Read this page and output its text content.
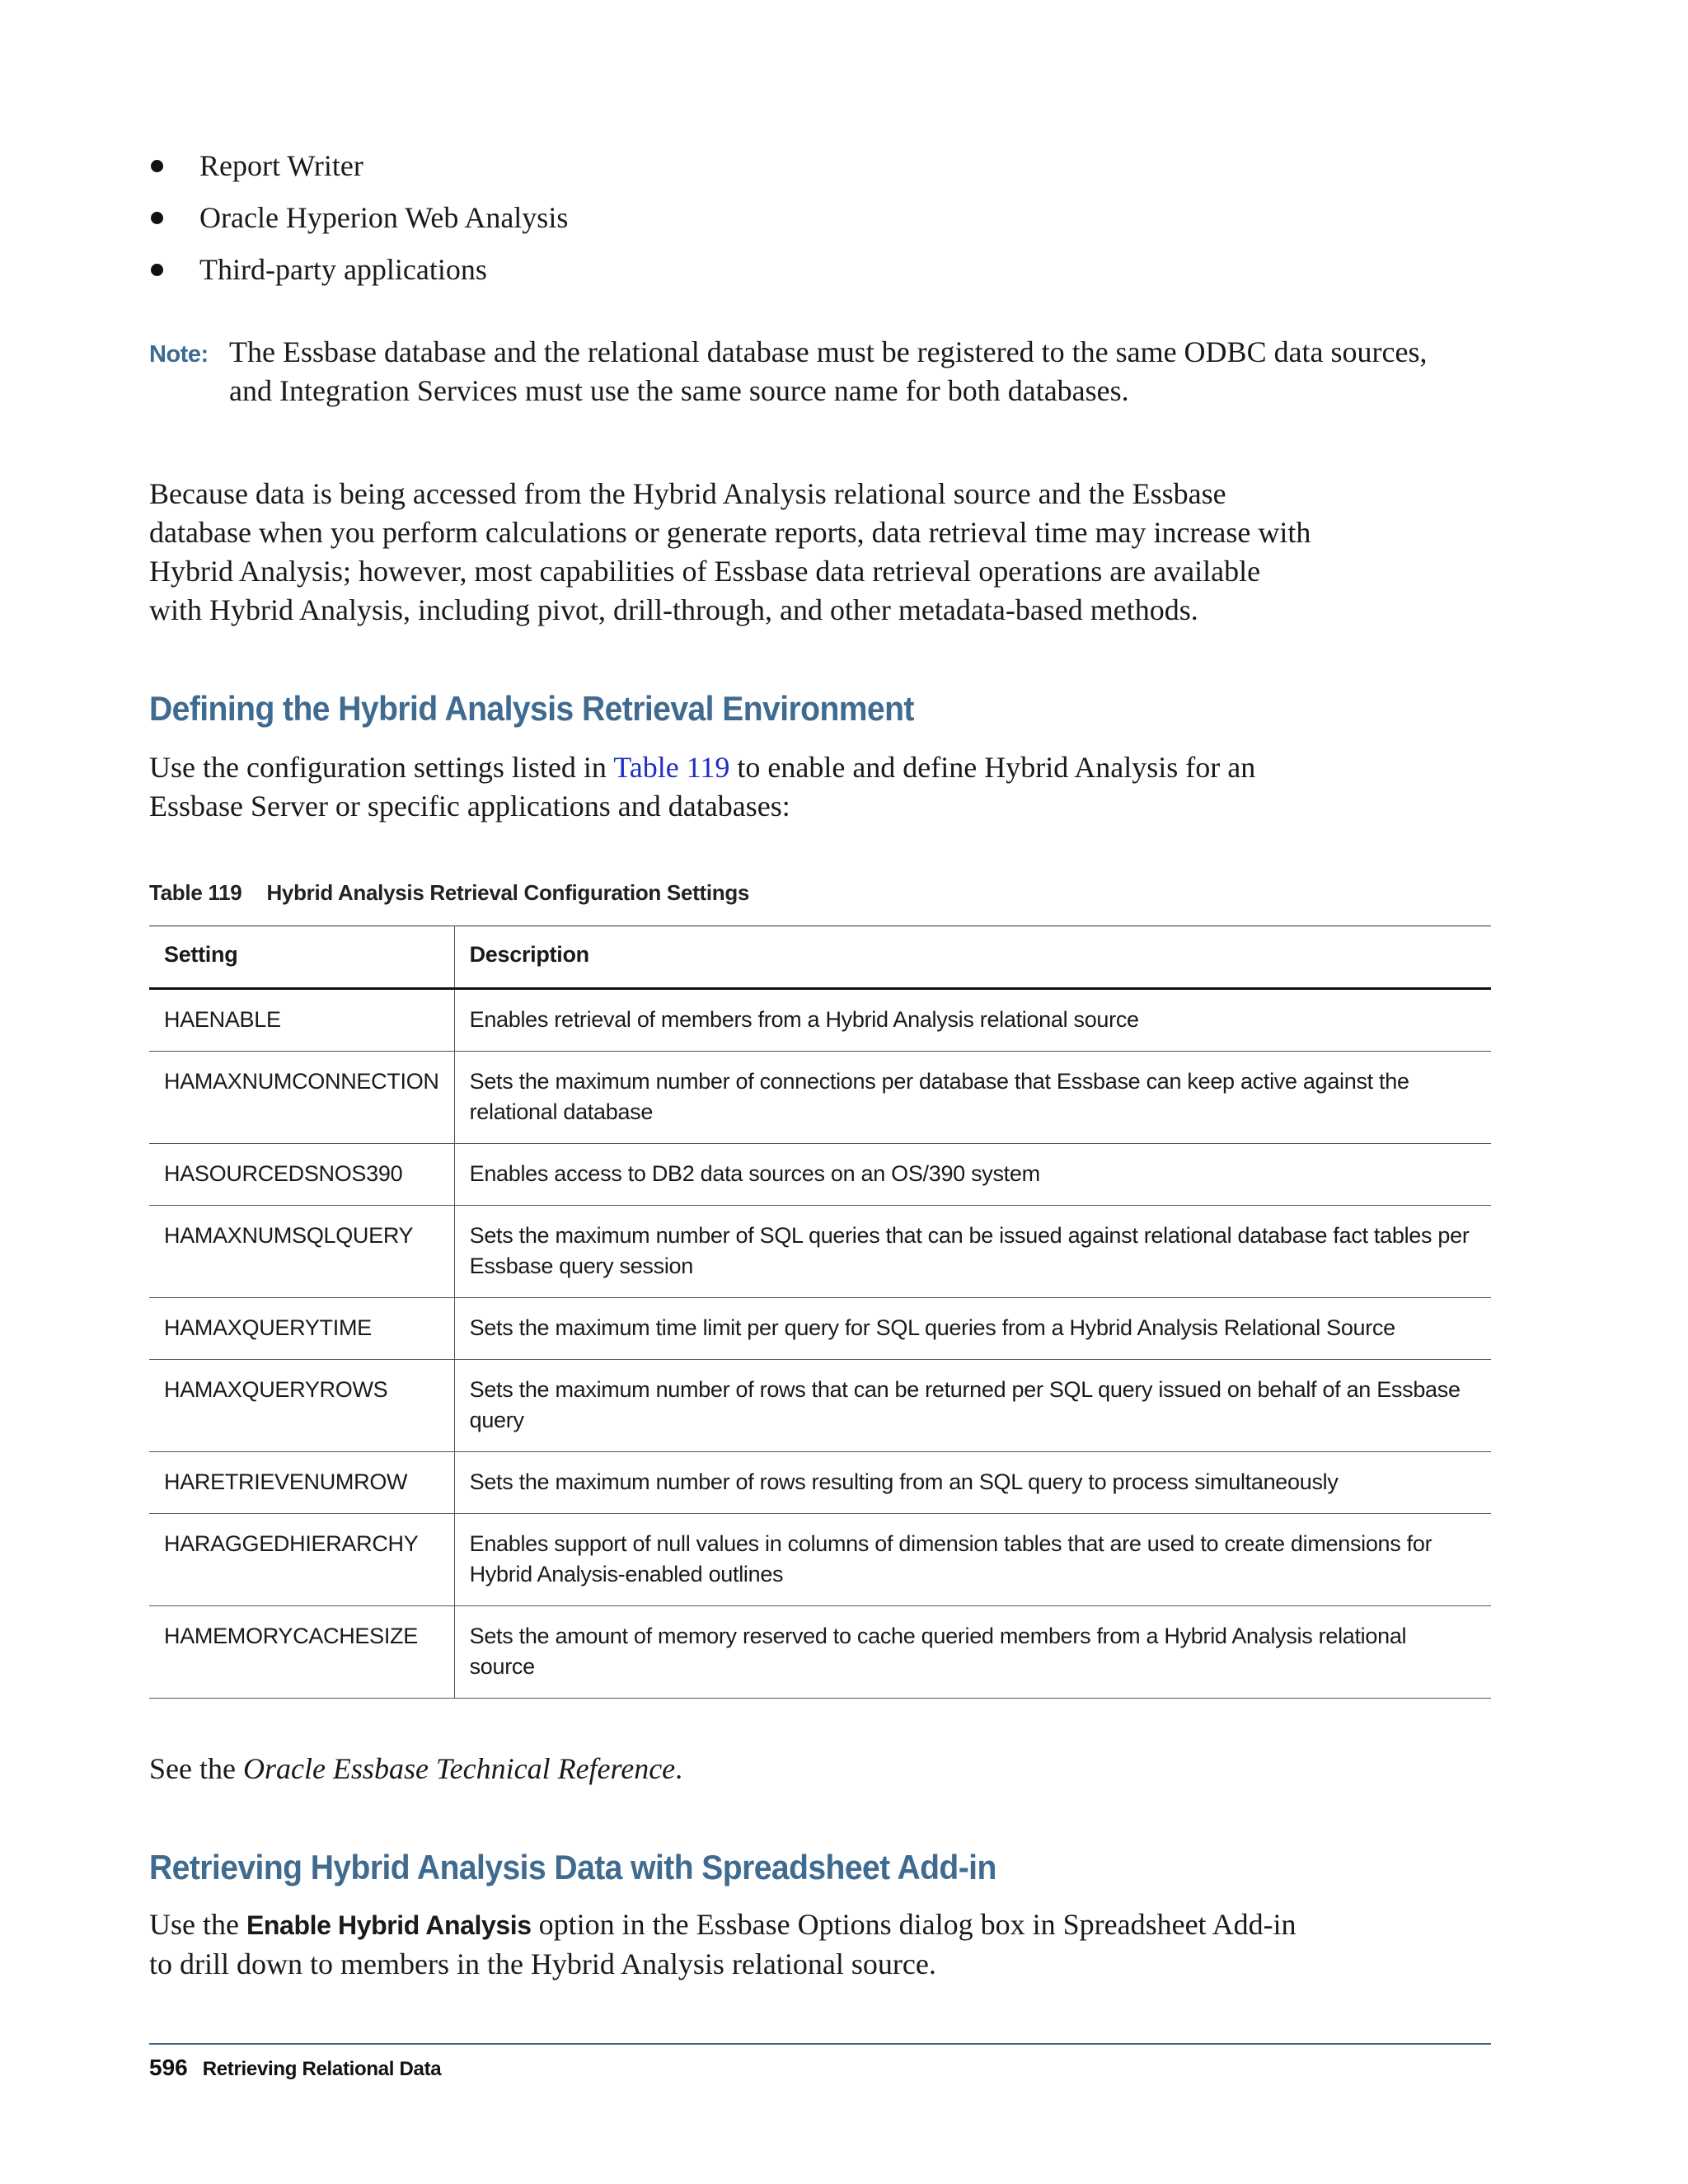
Report Writer
Oracle Hyperion Web Analysis
Third-party applications
Note: The Essbase database and the relational database must be registered to the same ODBC data sources, and Integration Services must use the same source name for both databases.

Because data is being accessed from the Hybrid Analysis relational source and the Essbase database when you perform calculations or generate reports, data retrieval time may increase with Hybrid Analysis; however, most capabilities of Essbase data retrieval operations are available with Hybrid Analysis, including pivot, drill-through, and other metadata-based methods.

Defining the Hybrid Analysis Retrieval Environment

Use the configuration settings listed in Table 119 to enable and define Hybrid Analysis for an Essbase Server or specific applications and databases:

Table 119 Hybrid Analysis Retrieval Configuration Settings
Setting	Description
HAENABLE	Enables retrieval of members from a Hybrid Analysis relational source
HAMAXNUMCONNECTION	Sets the maximum number of connections per database that Essbase can keep active against the relational database
HASOURCEDSNOS390	Enables access to DB2 data sources on an OS/390 system
HAMAXNUMSQLQUERY	Sets the maximum number of SQL queries that can be issued against relational database fact tables per Essbase query session
HAMAXQUERYTIME	Sets the maximum time limit per query for SQL queries from a Hybrid Analysis Relational Source
HAMAXQUERYROWS	Sets the maximum number of rows that can be returned per SQL query issued on behalf of an Essbase query
HARETRIEVENUMROW	Sets the maximum number of rows resulting from an SQL query to process simultaneously
HARAGGEDHIERARCHY	Enables support of null values in columns of dimension tables that are used to create dimensions for Hybrid Analysis-enabled outlines
HAMEMORYCACHESIZE	Sets the amount of memory reserved to cache queried members from a Hybrid Analysis relational source

See the Oracle Essbase Technical Reference.

Retrieving Hybrid Analysis Data with Spreadsheet Add-in

Use the Enable Hybrid Analysis option in the Essbase Options dialog box in Spreadsheet Add-in to drill down to members in the Hybrid Analysis relational source.

596 Retrieving Relational Data
